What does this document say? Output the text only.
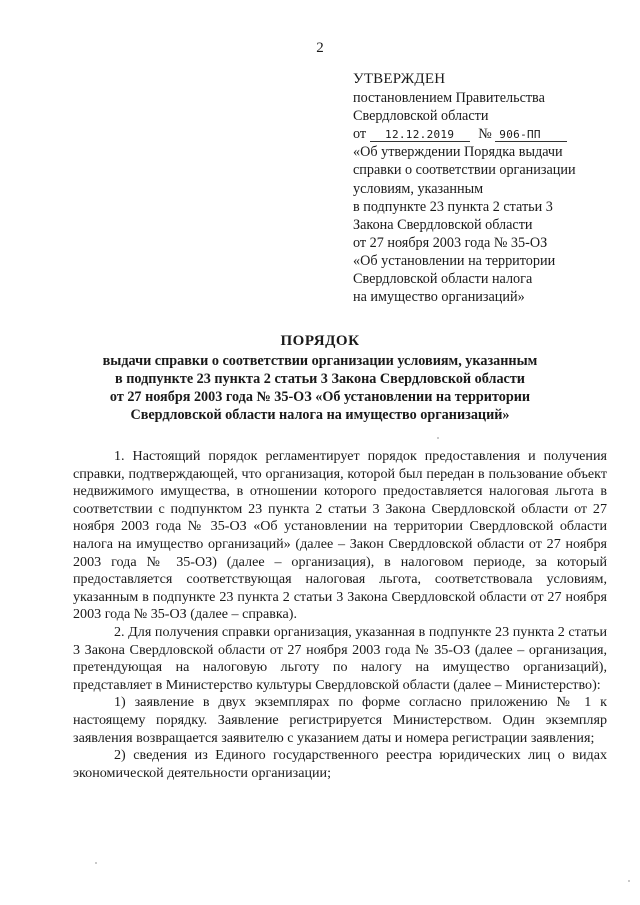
2
УТВЕРЖДЕН
постановлением Правительства
Свердловской области
от 12.12.2019 № 906-ПП
«Об утверждении Порядка выдачи
справки о соответствии организации
условиям, указанным
в подпункте 23 пункта 2 статьи 3
Закона Свердловской области
от 27 ноября 2003 года № 35-ОЗ
«Об установлении на территории
Свердловской области налога
на имущество организаций»
ПОРЯДОК
выдачи справки о соответствии организации условиям, указанным
в подпункте 23 пункта 2 статьи 3 Закона Свердловской области
от 27 ноября 2003 года № 35-ОЗ «Об установлении на территории
Свердловской области налога на имущество организаций»

1. Настоящий порядок регламентирует порядок предоставления и получения справки, подтверждающей, что организация, которой был передан в пользование объект недвижимого имущества, в отношении которого предоставляется налоговая льгота в соответствии с подпунктом 23 пункта 2 статьи 3 Закона Свердловской области от 27 ноября 2003 года № 35-ОЗ «Об установлении на территории Свердловской области налога на имущество организаций» (далее – Закон Свердловской области от 27 ноября 2003 года № 35-ОЗ) (далее – организация), в налоговом периоде, за который предоставляется соответствующая налоговая льгота, соответствовала условиям, указанным в подпункте 23 пункта 2 статьи 3 Закона Свердловской области от 27 ноября 2003 года № 35-ОЗ (далее – справка).

2. Для получения справки организация, указанная в подпункте 23 пункта 2 статьи 3 Закона Свердловской области от 27 ноября 2003 года № 35-ОЗ (далее – организация, претендующая на налоговую льготу по налогу на имущество организаций), представляет в Министерство культуры Свердловской области (далее – Министерство):

1) заявление в двух экземплярах по форме согласно приложению № 1 к настоящему порядку. Заявление регистрируется Министерством. Один экземпляр заявления возвращается заявителю с указанием даты и номера регистрации заявления;

2) сведения из Единого государственного реестра юридических лиц о видах экономической деятельности организации;
